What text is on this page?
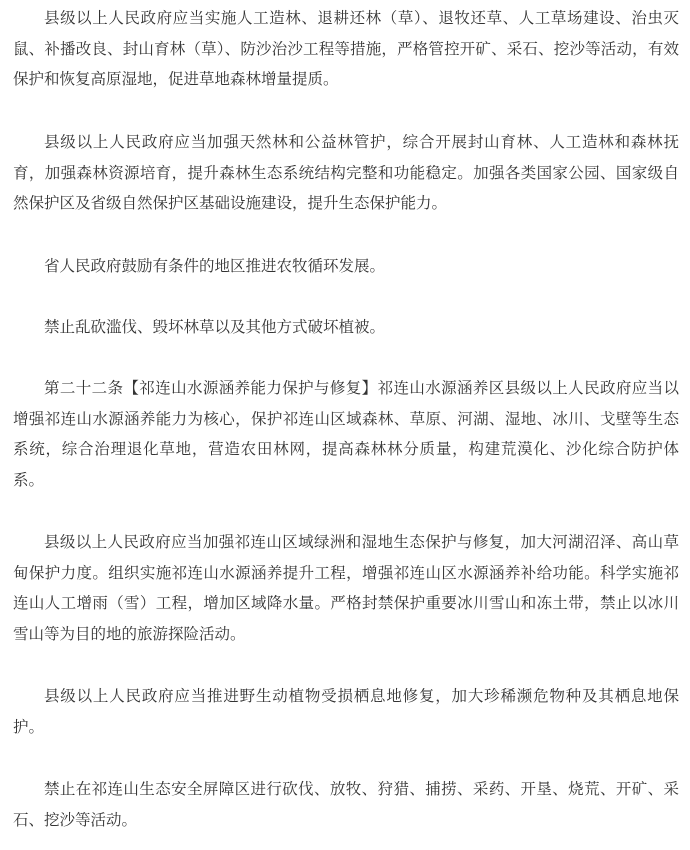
县级以上人民政府应当实施人工造林、退耕还林（草）、退牧还草、人工草场建设、治虫灭鼠、补播改良、封山育林（草）、防沙治沙工程等措施，严格管控开矿、采石、挖沙等活动，有效保护和恢复高原湿地，促进草地森林增量提质。

县级以上人民政府应当加强天然林和公益林管护，综合开展封山育林、人工造林和森林抚育，加强森林资源培育，提升森林生态系统结构完整和功能稳定。加强各类国家公园、国家级自然保护区及省级自然保护区基础设施建设，提升生态保护能力。

省人民政府鼓励有条件的地区推进农牧循环发展。

禁止乱砍滥伐、毁坏林草以及其他方式破坏植被。

第二十二条【祁连山水源涵养能力保护与修复】祁连山水源涵养区县级以上人民政府应当以增强祁连山水源涵养能力为核心，保护祁连山区域森林、草原、河湖、湿地、冰川、戈壁等生态系统，综合治理退化草地，营造农田林网，提高森林林分质量，构建荒漠化、沙化综合防护体系。

县级以上人民政府应当加强祁连山区域绿洲和湿地生态保护与修复，加大河湖沼泽、高山草甸保护力度。组织实施祁连山水源涵养提升工程，增强祁连山区水源涵养补给功能。科学实施祁连山人工增雨（雪）工程，增加区域降水量。严格封禁保护重要冰川雪山和冻土带，禁止以冰川雪山等为目的地的旅游探险活动。

县级以上人民政府应当推进野生动植物受损栖息地修复，加大珍稀濒危物种及其栖息地保护。

禁止在祁连山生态安全屏障区进行砍伐、放牧、狩猎、捕捞、采药、开垦、烧荒、开矿、采石、挖沙等活动。
